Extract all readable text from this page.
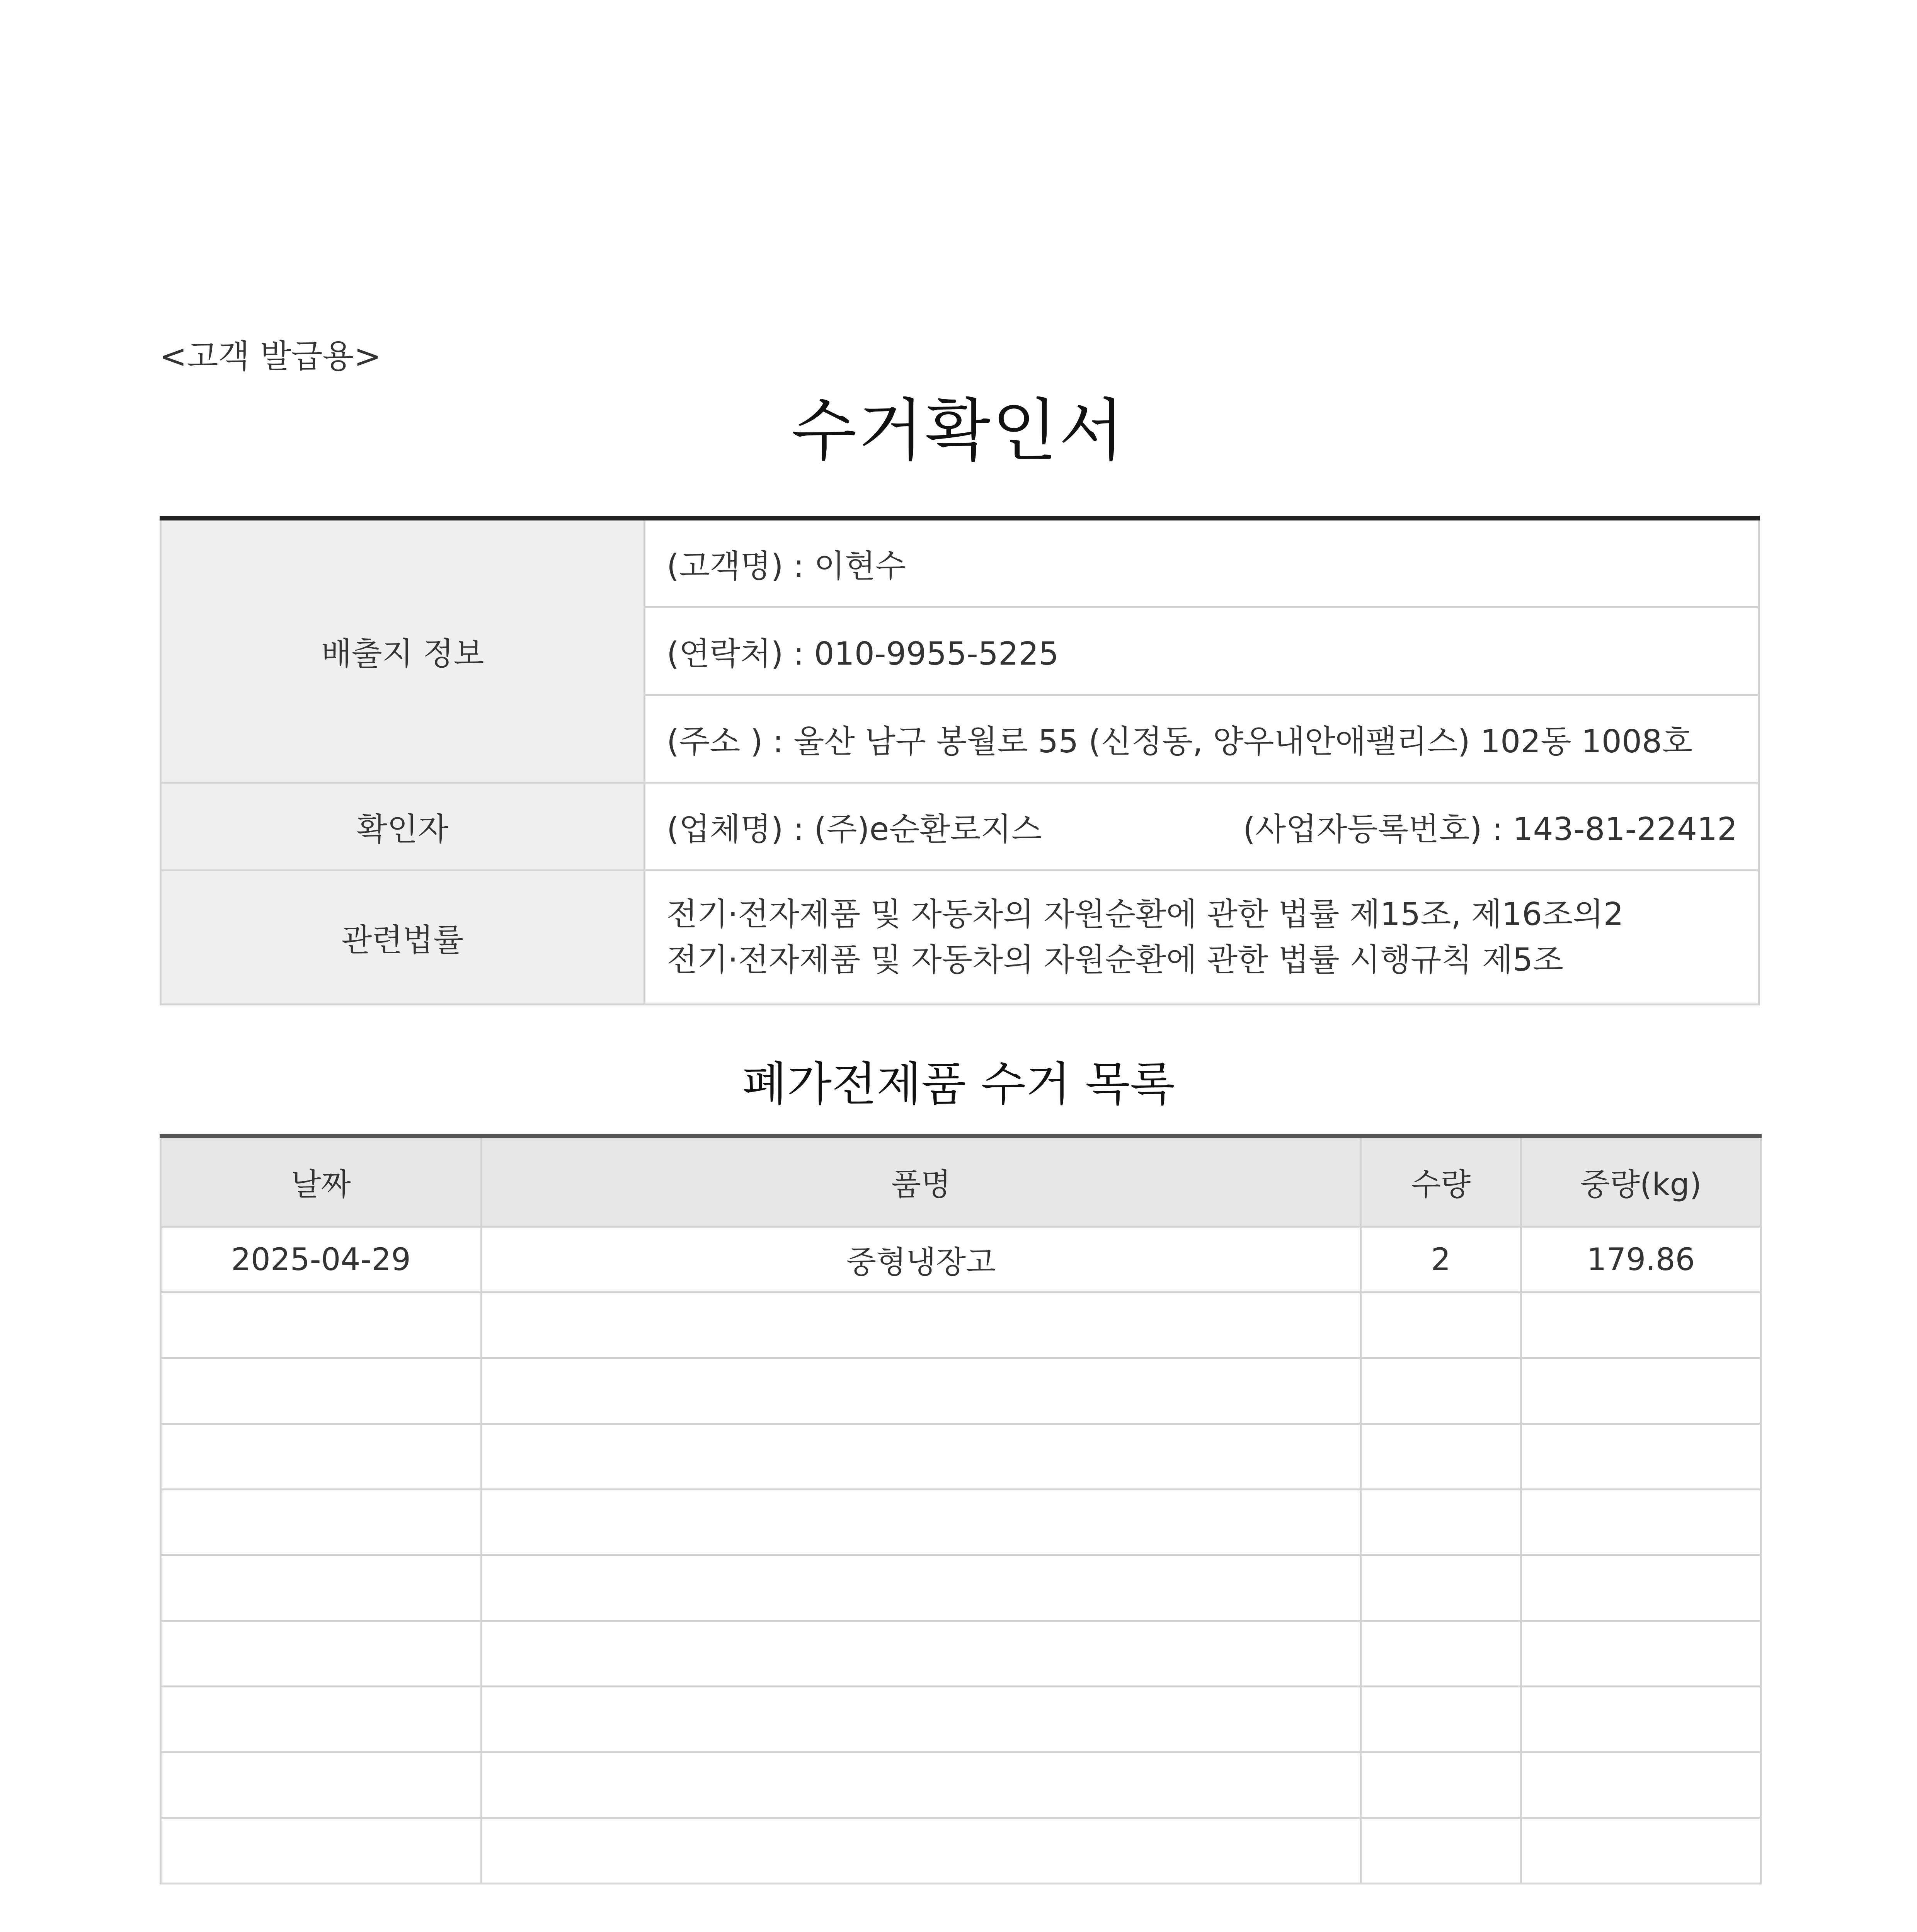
<고객 발급용>
수거확인서
배출지 정보	(고객명) : 이현수
	(연락처) : 010-9955-5225
	(주소 ) : 울산 남구 봉월로 55 (신정동, 양우내안애팰리스) 102동 1008호
확인자	(업체명) : (주)e순환로지스 (사업자등록번호) : 143-81-22412
관련법률	전기·전자제품 및 자동차의 자원순환에 관한 법률 제15조, 제16조의2
전기·전자제품 및 자동차의 자원순환에 관한 법률 시행규칙 제5조
폐가전제품 수거 목록
날짜	품명	수량	중량(kg)
2025-04-29	중형냉장고	2	179.86
